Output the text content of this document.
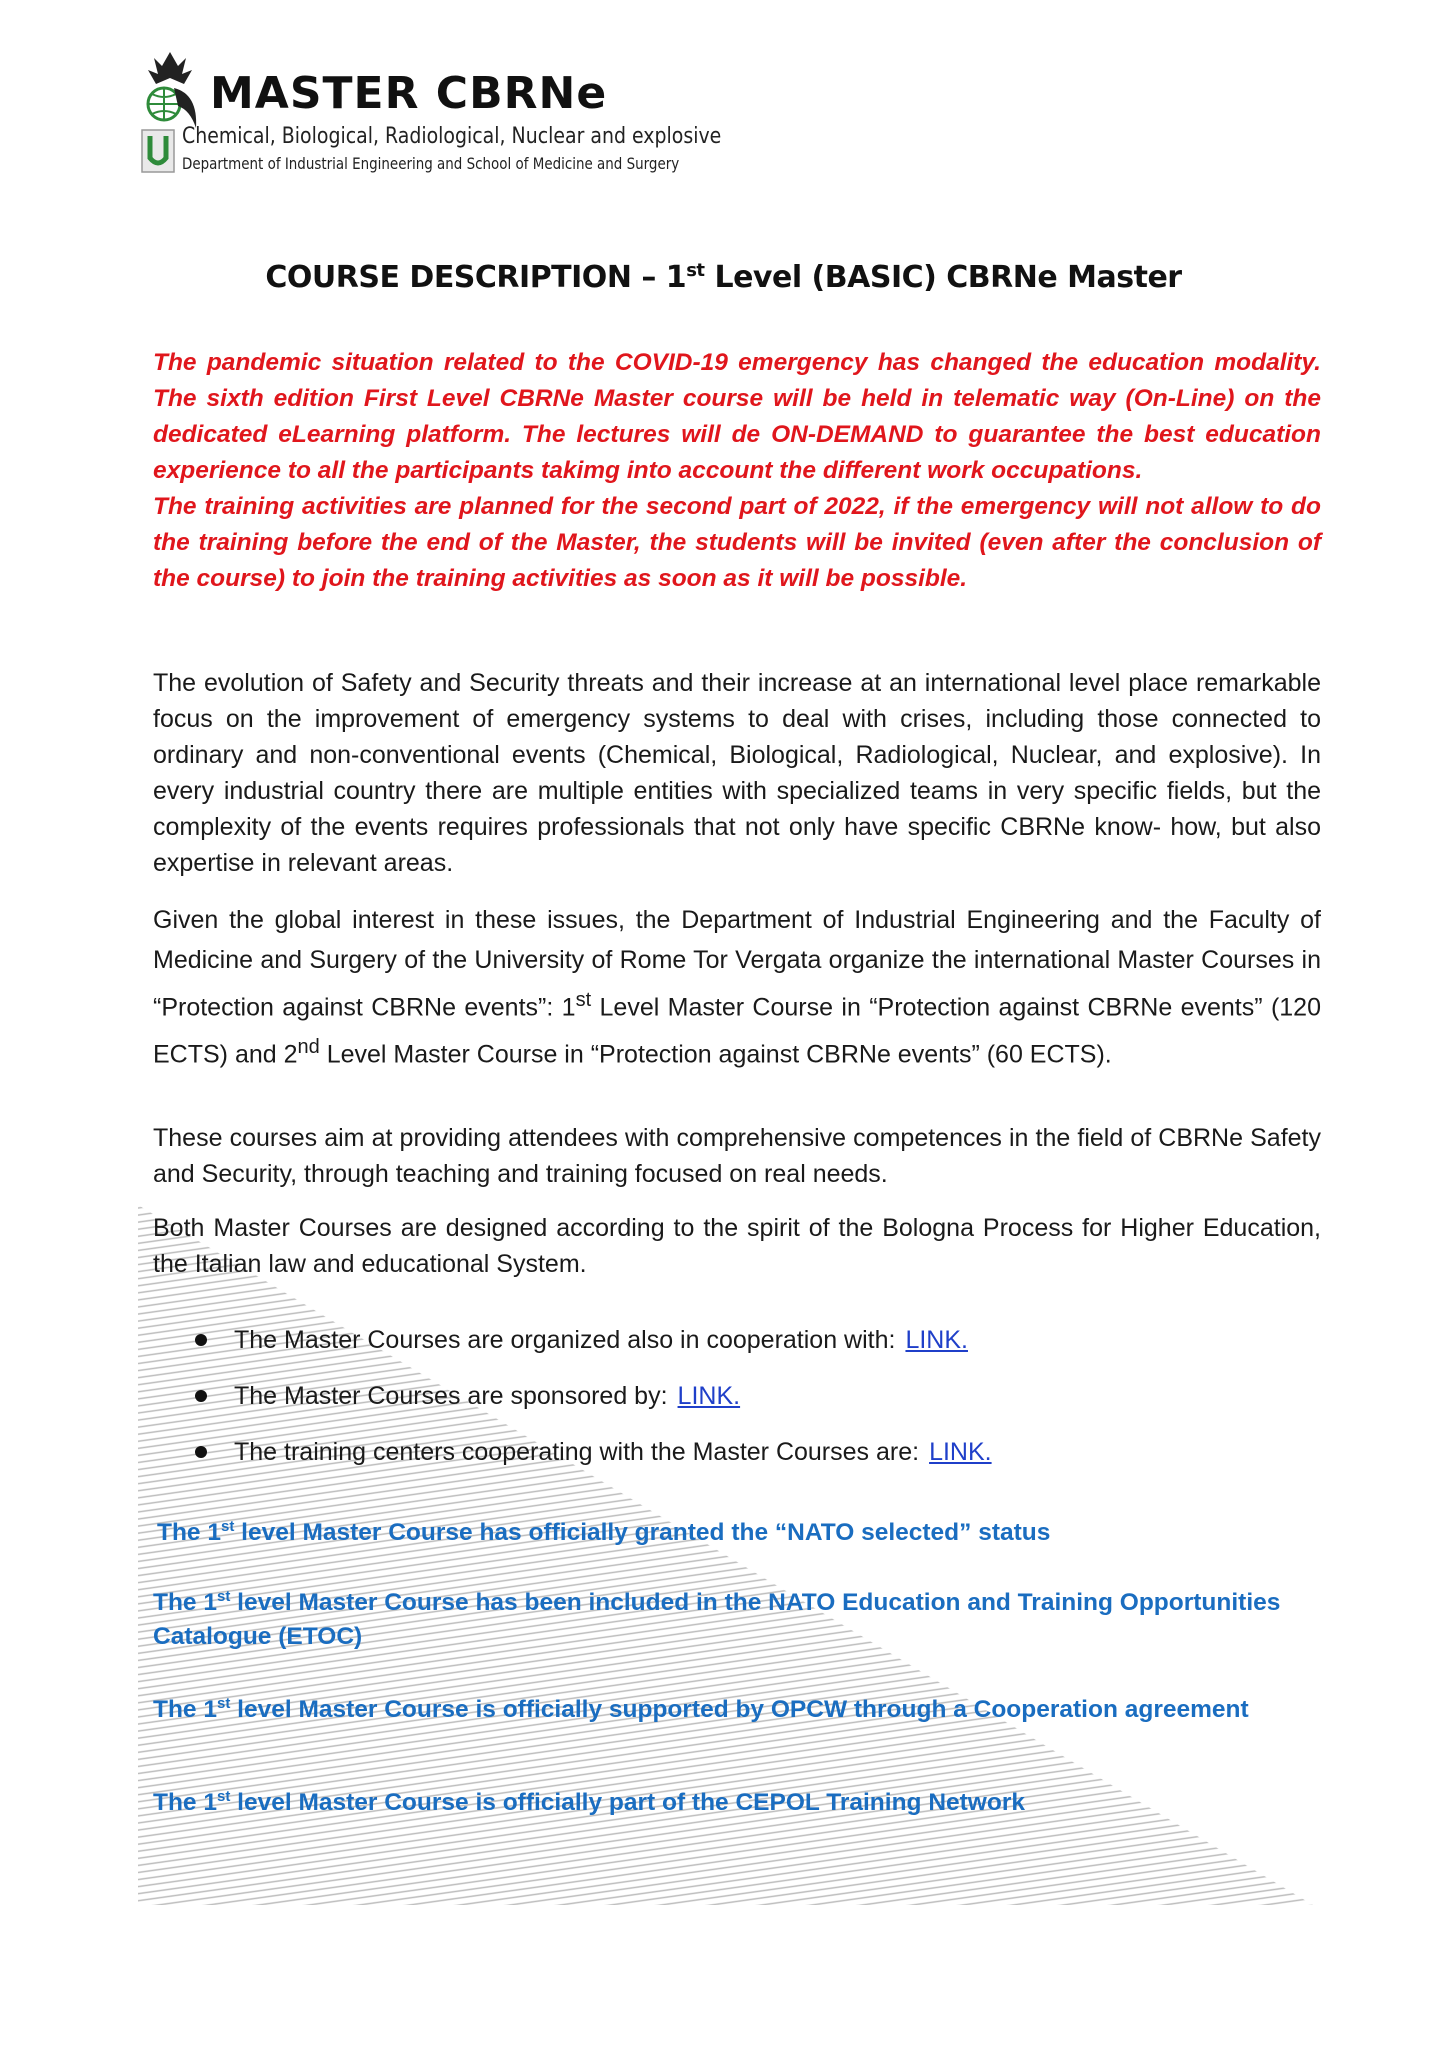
MASTER CBRNe
Chemical, Biological, Radiological, Nuclear and explosive
Department of Industrial Engineering and School of Medicine and Surgery
COURSE DESCRIPTION – 1st Level (BASIC) CBRNe Master

The pandemic situation related to the COVID-19 emergency has changed the education modality. The sixth edition First Level CBRNe Master course will be held in telematic way (On-Line) on the dedicated eLearning platform. The lectures will de ON-DEMAND to guarantee the best education experience to all the participants takimg into account the different work occupations.

The training activities are planned for the second part of 2022, if the emergency will not allow to do the training before the end of the Master, the students will be invited (even after the conclusion of the course) to join the training activities as soon as it will be possible.

The evolution of Safety and Security threats and their increase at an international level place remarkable focus on the improvement of emergency systems to deal with crises, including those connected to ordinary and non-conventional events (Chemical, Biological, Radiological, Nuclear, and explosive). In every industrial country there are multiple entities with specialized teams in very specific fields, but the complexity of the events requires professionals that not only have specific CBRNe know- how, but also expertise in relevant areas.
Given the global interest in these issues, the Department of Industrial Engineering and the Faculty of Medicine and Surgery of the University of Rome Tor Vergata organize the international Master Courses in “Protection against CBRNe events”: 1st Level Master Course in “Protection against CBRNe events” (120 ECTS) and 2nd Level Master Course in “Protection against CBRNe events” (60 ECTS).
These courses aim at providing attendees with comprehensive competences in the field of CBRNe Safety and Security, through teaching and training focused on real needs.
Both Master Courses are designed according to the spirit of the Bologna Process for Higher Education, the Italian law and educational System.
The Master Courses are organized also in cooperation with: LINK.
The Master Courses are sponsored by: LINK.
The training centers cooperating with the Master Courses are: LINK.
The 1st level Master Course has officially granted the “NATO selected” status
The 1st level Master Course has been included in the NATO Education and Training Opportunities Catalogue (ETOC)
The 1st level Master Course is officially supported by OPCW through a Cooperation agreement
The 1st level Master Course is officially part of the CEPOL Training Network
